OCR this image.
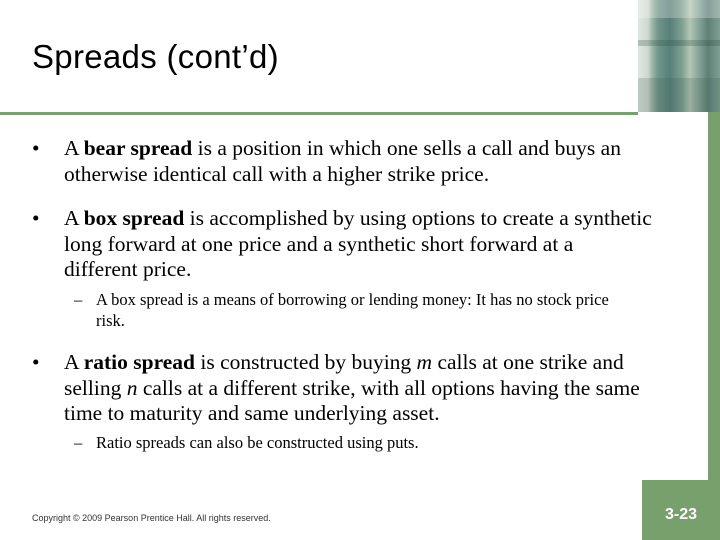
Spreads (cont’d)
•	A bear spread is a position in which one sells a call and buys an otherwise identical call with a higher strike price.
•	A box spread is accomplished by using options to create a synthetic long forward at one price and a synthetic short forward at a different price.
– A box spread is a means of borrowing or lending money: It has no stock price risk.
•	A ratio spread is constructed by buying m calls at one strike and selling n calls at a different strike, with all options having the same time to maturity and same underlying asset.
– Ratio spreads can also be constructed using puts.
Copyright © 2009 Pearson Prentice Hall. All rights reserved.	3-23
